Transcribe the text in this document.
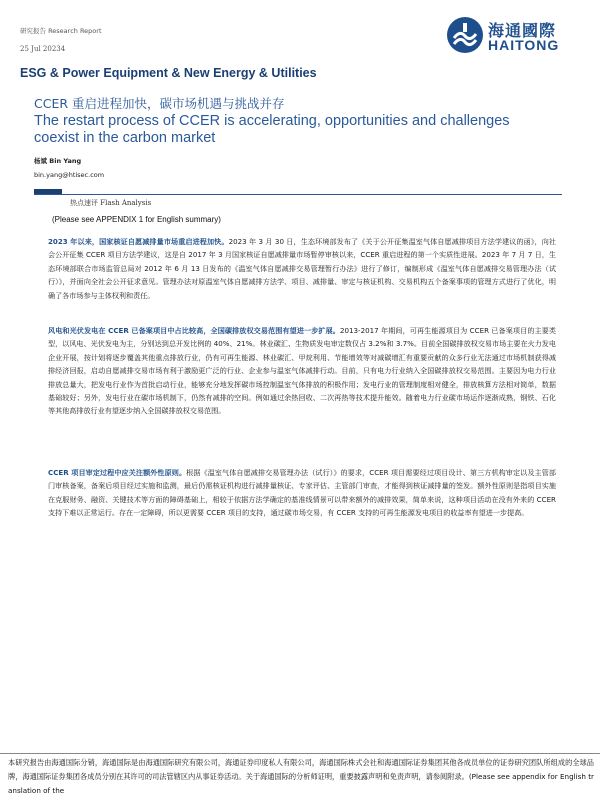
研究报告 Research Report
25 Jul 20234
海通國際
HAITONG
ESG & Power Equipment & New Energy & Utilities
CCER 重启进程加快，碳市场机遇与挑战并存
The restart process of CCER is accelerating, opportunities and challenges coexist in the carbon market
杨斌 Bin Yang
bin.yang@htisec.com
热点速评 Flash Analysis
(Please see APPENDIX 1 for English summary)
2023 年以来，国家核证自愿减排量市场重启进程加快。2023 年 3 月 30 日，生态环境部发布了《关于公开征集温室气体自愿减排项目方法学建议的函》，向社会公开征集 CCER 项目方法学建议，这是自 2017 年 3 月国家核证自愿减排量市场暂停审核以来，CCER 重启进程的第一个实质性进展。2023 年 7 月 7 日，生态环境部联合市场监管总局对 2012 年 6 月 13 日发布的《温室气体自愿减排交易管理暂行办法》进行了修订，编制形成《温室气体自愿减排交易管理办法（试行）》，并面向全社会公开征求意见。管理办法对原温室气体自愿减排方法学、项目、减排量、审定与核证机构、交易机构五个备案事项的管理方式进行了优化，明确了各市场参与主体权利和责任。
风电和光伏发电在 CCER 已备案项目中占比较高，全国碳排放权交易范围有望进一步扩展。2013-2017 年期间，可再生能源项目为 CCER 已备案项目的主要类型，以风电、光伏发电为主，分别达到总开发比例的 40%、21%。林业碳汇、生物质发电审定数仅占 3.2%和 3.7%。目前全国碳排放权交易市场主要在火力发电企业开展，按计划将逐步覆盖其他重点排放行业，仍有可再生能源、林业碳汇、甲烷利用、节能增效等对减碳增汇有重要贡献的众多行业无法通过市场机制获得减排经济回报，启动自愿减排交易市场有利于激励更广泛的行业、企业参与温室气体减排行动。目前，只有电力行业纳入全国碳排放权交易范围。主要因为电力行业排放总量大，把发电行业作为首批启动行业，能够充分地发挥碳市场控制温室气体排放的积极作用；发电行业的管理制度相对健全，排放核算方法相对简单，数据基础较好；另外，发电行业在碳市场机制下，仍然有减排的空间。例如通过余热回收、二次再热等技术提升能效。随着电力行业碳市场运作逐渐成熟，钢铁、石化等其他高排放行业有望逐步纳入全国碳排放权交易范围。
CCER 项目审定过程中应关注额外性原则。根据《温室气体自愿减排交易管理办法（试行）》的要求，CCER 项目需要经过项目设计、第三方机构审定以及主管部门审核备案，备案后项目经过实施和监测，最后仍需核证机构进行减排量核证、专家评估、主管部门审查，才能得到核证减排量的签发。额外性原则是指项目实施在克服财务、融资、关键技术等方面的障碍基础上，相较于依据方法学确定的基准线情景可以带来额外的减排效果，简单来说，这种项目活动在没有外来的 CCER 支持下难以正常运行。存在一定障碍，所以更需要 CCER 项目的支持，通过碳市场交易，有 CCER 支持的可再生能源发电项目的收益率有望进一步提高。
本研究报告由海通国际分销，海通国际是由海通国际研究有限公司，海通证券印度私人有限公司，海通国际株式会社和海通国际证券集团其他各成员单位的证券研究团队所组成的全球品牌，海通国际证券集团各成员分别在其许可的司法管辖区内从事证券活动。关于海通国际的分析师证明，重要披露声明和免责声明，请参阅附录。(Please see appendix for English translation of the
